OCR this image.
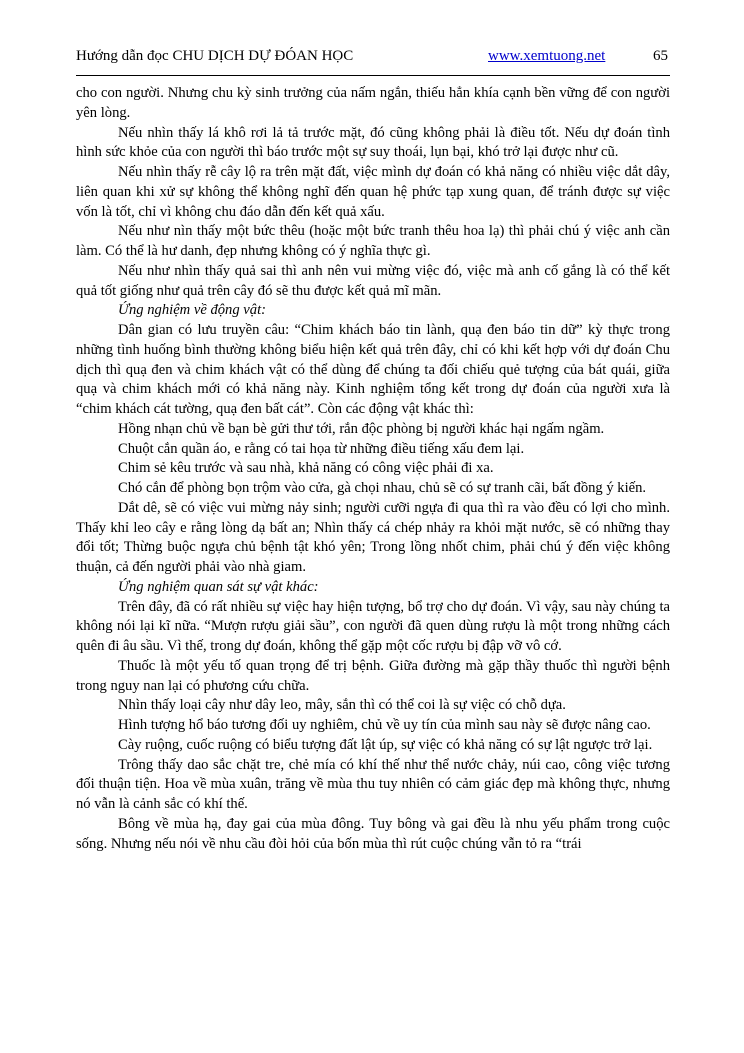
Hướng dẫn đọc CHU DỊCH DỰ ĐÓAN HỌC	www.xemtuong.net	65

cho con người. Nhưng chu kỳ sinh trưởng của nấm ngắn, thiếu hẳn khía cạnh bền vững để con người yên lòng.

Nếu nhìn thấy lá khô rơi lả tả trước mặt, đó cũng không phải là điều tốt. Nếu dự đoán tình hình sức khỏe của con người thì báo trước một sự suy thoái, lụn bại, khó trở lại được như cũ.

Nếu nhìn thấy rễ cây lộ ra trên mặt đất, việc mình dự đoán có khả năng có nhiều việc dắt dây, liên quan khi xử sự không thể không nghĩ đến quan hệ phức tạp xung quan, để tránh được sự việc vốn là tốt, chỉ vì không chu đáo dẫn đến kết quả xấu.

Nếu như nìn thấy một bức thêu (hoặc một bức tranh thêu hoa lạ) thì phải chú ý việc anh cần làm. Có thể là hư danh, đẹp nhưng không có ý nghĩa thực gì.

Nếu như nhìn thấy quả sai thì anh nên vui mừng việc đó, việc mà anh cố gắng là có thể kết quả tốt giống như quả trên cây đó sẽ thu được kết quả mĩ mãn.

Ứng nghiệm về động vật:

Dân gian có lưu truyền câu: “Chim khách báo tin lành, quạ đen báo tin dữ” kỳ thực trong những tình huống bình thường không biểu hiện kết quả trên đây, chỉ có khi kết hợp với dự đoán Chu dịch thì quạ đen và chim khách vật có thể dùng để chúng ta đối chiếu quẻ tượng của bát quái, giữa quạ và chim khách mới có khả năng này. Kinh nghiệm tổng kết trong dự đoán của người xưa là “chim khách cát tường, quạ đen bất cát”. Còn các động vật khác thì:

Hồng nhạn chủ về bạn bè gửi thư tới, rắn độc phòng bị người khác hại ngấm ngầm.

Chuột cắn quần áo, e rằng có tai họa từ những điều tiếng xấu đem lại.

Chim sẻ kêu trước và sau nhà, khả năng có công việc phải đi xa.

Chó cắn để phòng bọn trộm vào cửa, gà chọi nhau, chủ sẽ có sự tranh cãi, bất đồng ý kiến.

Dắt dê, sẽ có việc vui mừng nảy sinh; người cưỡi ngựa đi qua thì ra vào đều có lợi cho mình. Thấy khỉ leo cây e rằng lòng dạ bất an; Nhìn thấy cá chép nhảy ra khỏi mặt nước, sẽ có những thay đổi tốt; Thừng buộc ngựa chủ bệnh tật khó yên; Trong lồng nhốt chim, phải chú ý đến việc không thuận, cả đến người phải vào nhà giam.

Ứng nghiệm quan sát sự vật khác:

Trên đây, đã có rất nhiều sự việc hay hiện tượng, bổ trợ cho dự đoán. Vì vậy, sau này chúng ta không nói lại kĩ nữa. “Mượn rượu giải sầu”, con người đã quen dùng rượu là một trong những cách quên đi âu sầu. Vì thế, trong dự đoán, không thể gặp một cốc rượu bị đập vỡ vô cớ.

Thuốc là một yếu tố quan trọng để trị bệnh. Giữa đường mà gặp thầy thuốc thì người bệnh trong nguy nan lại có phương cứu chữa.

Nhìn thấy loại cây như dây leo, mây, sắn thì có thể coi là sự việc có chỗ dựa.

Hình tượng hổ báo tương đối uy nghiêm, chủ về uy tín của mình sau này sẽ được nâng cao.

Cày ruộng, cuốc ruộng có biểu tượng đất lật úp, sự việc có khả năng có sự lật ngược trở lại.

Trông thấy dao sắc chặt tre, chẻ mía có khí thế như thể nước chảy, núi cao, công việc tương đối thuận tiện. Hoa về mùa xuân, trăng về mùa thu tuy nhiên có cảm giác đẹp mà không thực, nhưng nó vẫn là cảnh sắc có khí thế.

Bông về mùa hạ, đay gai của mùa đông. Tuy bông và gai đều là nhu yếu phẩm trong cuộc sống. Nhưng nếu nói về nhu cầu đòi hỏi của bốn mùa thì rút cuộc chúng vẫn tỏ ra “trái
